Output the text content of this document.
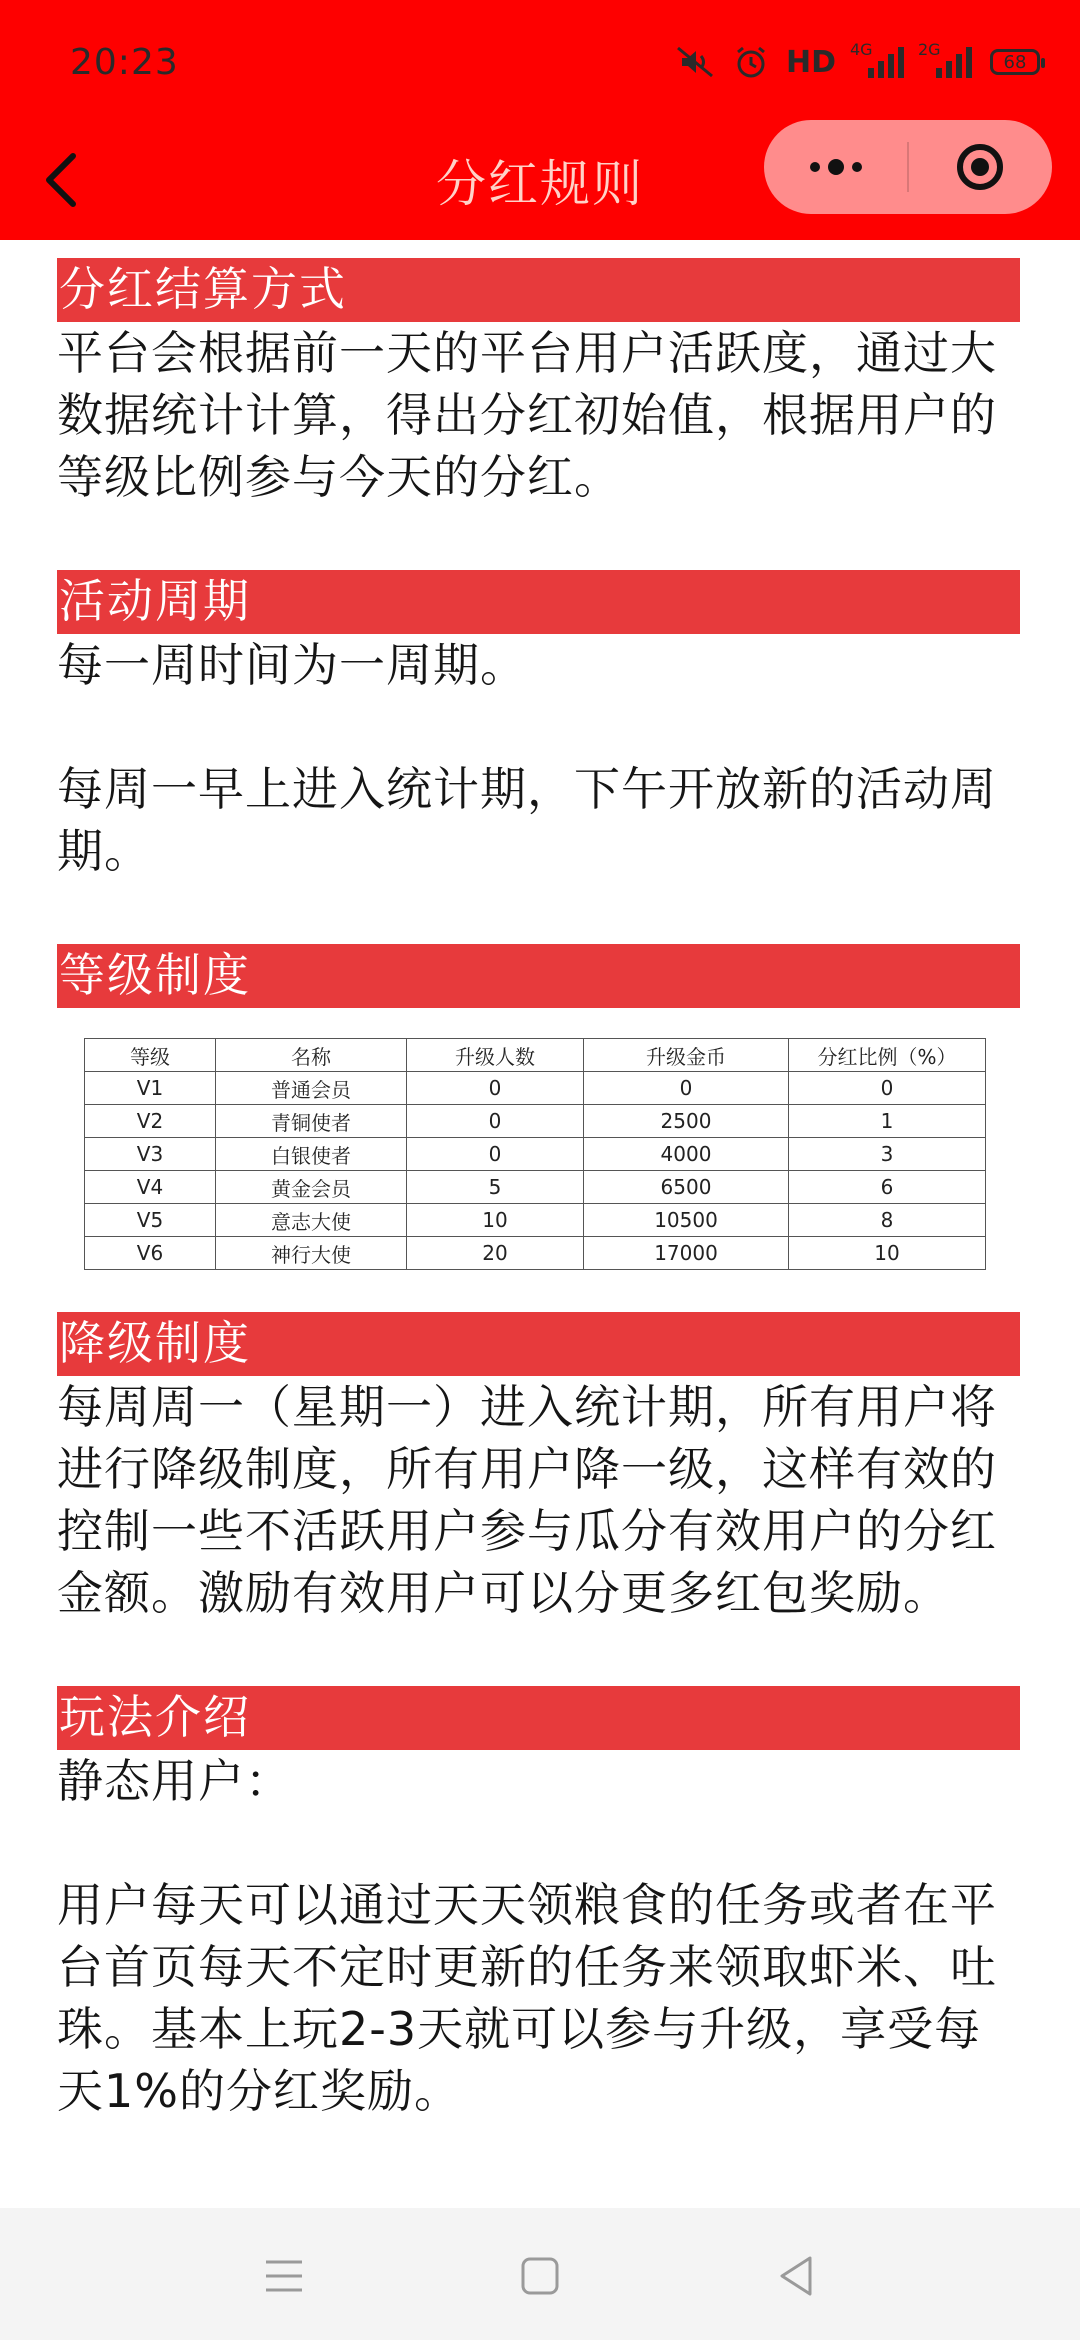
20:23	HD 4G	2G
68
分红规则
分红结算方式

平台会根据前一天的平台用户活跃度，通过大数据统计计算，得出分红初始值，根据用户的等级比例参与今天的分红。

活动周期

每一周时间为一周期。

每周一早上进入统计期，下午开放新的活动周期。

等级制度
等级	名称	升级人数	升级金币	分红比例（%）
V1	普通会员	0	0	0
V2	青铜使者	0	2500	1
V3	白银使者	0	4000	3
V4	黄金会员	5	6500	6
V5	意志大使	10	10500	8
V6	神行大使	20	17000	10
降级制度

每周周一（星期一）进入统计期，所有用户将进行降级制度，所有用户降一级，这样有效的控制一些不活跃用户参与瓜分有效用户的分红金额。激励有效用户可以分更多红包奖励。

玩法介绍

静态用户：

用户每天可以通过天天领粮食的任务或者在平台首页每天不定时更新的任务来领取虾米、吐珠。基本上玩2-3天就可以参与升级，享受每天1%的分红奖励。
